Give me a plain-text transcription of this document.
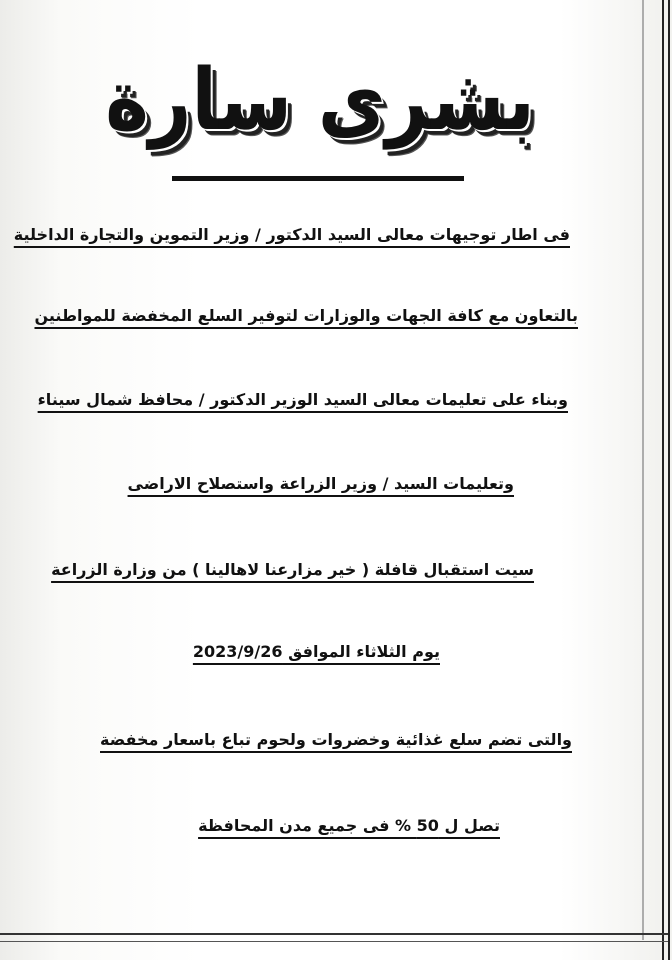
بشرى سارة
فى اطار توجيهات معالى السيد الدكتور / وزير التموين والتجارة الداخلية
بالتعاون مع كافة الجهات والوزارات لتوفير السلع المخفضة للمواطنين
وبناء على تعليمات معالى السيد الوزير الدكتور / محافظ شمال سيناء
وتعليمات السيد / وزير الزراعة واستصلاح الاراضى
سيت استقبال قافلة ( خير مزارعنا لاهالينا ) من وزارة الزراعة
يوم الثلاثاء الموافق 2023/9/26
والتى تضم سلع غذائية وخضروات ولحوم تباع باسعار مخفضة
تصل ل 50 % فى جميع مدن المحافظة
